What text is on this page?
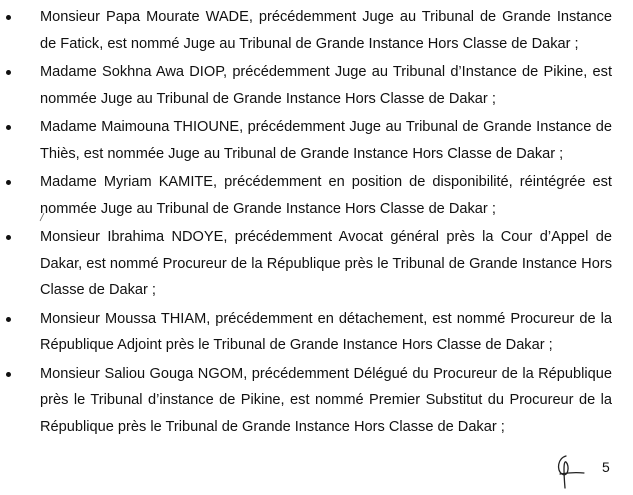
Monsieur Papa Mourate WADE, précédemment Juge au Tribunal de Grande Instance de Fatick, est nommé Juge au Tribunal de Grande Instance Hors Classe de Dakar ;
Madame Sokhna Awa DIOP, précédemment Juge au Tribunal d’Instance de Pikine, est nommée Juge au Tribunal de Grande Instance Hors Classe de Dakar ;
Madame Maimouna THIOUNE, précédemment Juge au Tribunal de Grande Instance de Thiès, est nommée Juge au Tribunal de Grande Instance Hors Classe de Dakar ;
Madame Myriam KAMITE, précédemment en position de disponibilité, réintégrée est nommée Juge au Tribunal de Grande Instance Hors Classe de Dakar ;
Monsieur Ibrahima NDOYE, précédemment Avocat général près la Cour d’Appel de Dakar, est nommé Procureur de la République près le Tribunal de Grande Instance Hors Classe de Dakar ;
Monsieur Moussa THIAM, précédemment en détachement, est nommé Procureur de la République Adjoint près le Tribunal de Grande Instance Hors Classe de Dakar ;
Monsieur Saliou Gouga NGOM, précédemment Délégué du Procureur de la République près le Tribunal d’instance de Pikine, est nommé Premier Substitut du Procureur de la République près le Tribunal de Grande Instance Hors Classe de Dakar ;
5
